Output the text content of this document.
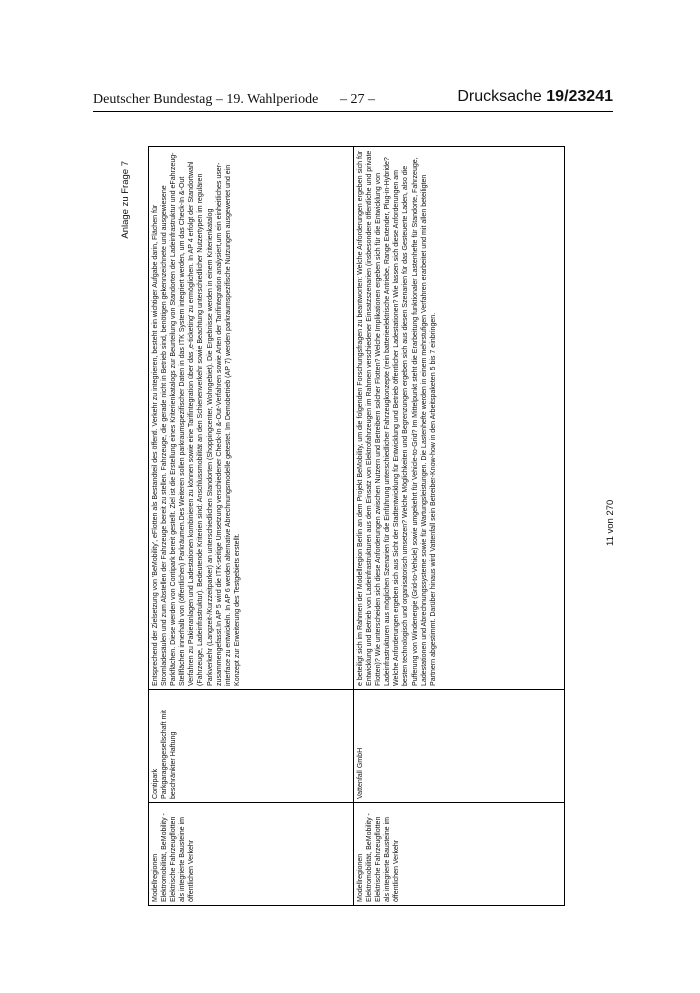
Deutscher Bundestag – 19. Wahlperiode – 27 –	Drucksache 19/23241
Anlage zu Frage 7
Modellregionen Elektromobilität, BeMobility - Elektrische Fahrzeugflotten als integrierte Bausteine im öffentlichen Verkehr	Contipark Parkgaragengesellschaft mit beschränkter Haftung	Entsprechend der Zielsetzung von 'BeMobility', eFlotten als Bestandteil des öffentl. Verkehr zu integrieren, besteht ein wichtiger Aufgabe darin, Flächen für Stromladesäulen und zum Abstellen der Fahrzeuge bereit zu stellen. Fahrzeuge, die gerade nicht in Betrieb sind, benötigen gekennzeichnete und ausgewiesene Parkflächen. Diese werden von Contipark bereit gestellt. Ziel ist die Erstellung eines Kriterienkatalogs zur Beurteilung von Standorten der Ladeinfrastruktur und eFahrzeug-Stellflächen innerhalb von (öffentlichen) Parkräumen.Des Weiteren sollen parkraumspezifischer Daten in das ITK System integriert werden, um das Check-In &-Out Verfahren zu Pakieranlagen und Ladestationen kombinieren zu können sowie eine Tarifintegration über das ‚e-ticketing' zu ermöglichen. In AP 4 erfolgt der Standortwahl (Fahrzeuge, Ladeinfrastruktur). Bedeutende Kriterien sind: Anschlussmobilität an den Schienenverkehr sowie Beachtung unterschiedlicher Nutzertypen im regulären Parkverkehr (Langzeit-/Kurzzeitparker) an unterschiedlichen Standorten (Shoppingcenter, Wohngebiet). Die Ergebnisse werden in einem Kriterienkatalog zusammengefasst.In AP 5 wird die ITK-seitige Umsetzung verschiedener Check-In &-Out-Verfahren sowie Arten der Tarifintegration analysiert,um ein einheitliches user-interface zu entwickeln. In AP 6 werden alternative Abrechnungsmodelle getestet. Im Demobetrieb (AP 7) werden parkraumspezifische Nutzungen ausgewertet und ein Konzept zur Erweiterung des Testgebiets erstellt.

Modellregionen Elektromobilität, BeMobility - Elektrische Fahrzeugflotten als integrierte Bausteine im öffentlichen Verkehr	Vattenfall GmbH	e beteiligt sich im Rahmen der Modellregion Berlin an dem Projekt BeMobility, um die folgenden Forschungsfragen zu beantworten: Welche Anforderungen ergeben sich für Entwicklung und Betrieb von Ladeinfrastrukturen aus dem Einsatz von Elektrofahrzeugen im Rahmen verschiedener Einsatzszenarien (insbesondere öffentliche und private Flotten)? Wie unterscheiden sich diese Anforderungen zwischen Nutzern und Betreibern solcher Flotten? Welche Implikationen ergeben sich für die Entwicklung von Ladeinfrastrukturen aus möglichen Szenarien für die Einführung unterschiedlicher Fahrzeugkonzepte (rein batterieelektrische Antriebe, Range Extender, Plug-in-Hybride? Welche Anforderungen ergeben sich aus Sicht der Stadtentwicklung für Entwicklung und Betrieb öffentlicher Ladestationen? Wie lassen sich diese Anforderungen am besten technologisch und organisatorisch umsetzen? Welche Möglichkeiten und Begrenzungen ergeben sich aus diesen Szenarien für das Gesteuerte Laden, also die Pufferung von Windenergie (Grid-to-Vehicle) sowie umgekehrt für Vehicle-to-Grid? Im Mittelpunkt steht die Erarbeitung funktionaler Lastenhefte für Standorte, Fahrzeuge, Ladestationen und Abrechnungssysteme sowie für Wartungsleistungen. Die Lastenhefte werden in einem mehrstufigen Verfahren erarbeitet und mit allen beteiligten Partnern abgestimmt. Darüber hinaus wird Vattenfall sein Betreiber-Know-how in den Arbeitspaketen 5 bis 7 einbringen.	11 von 270
